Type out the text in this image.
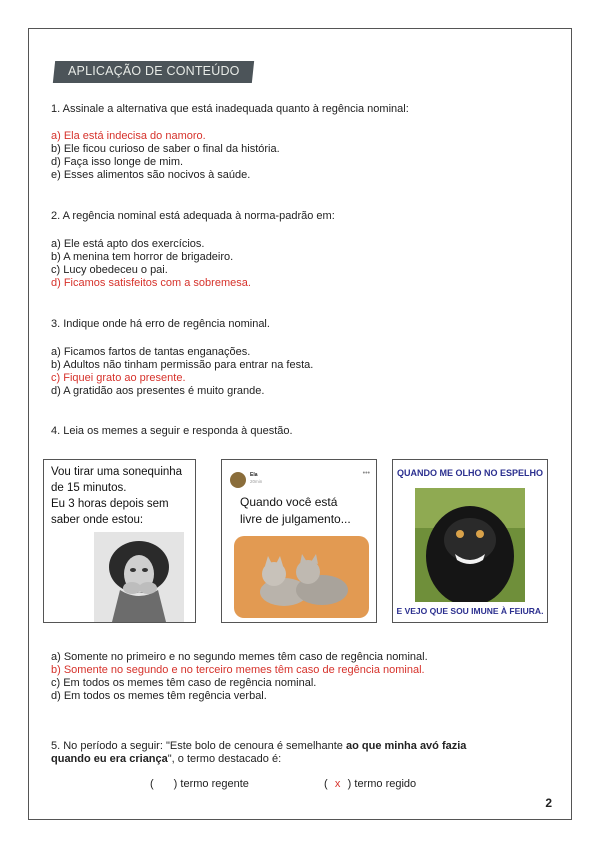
APLICAÇÃO DE CONTEÚDO
1. Assinale a alternativa que está inadequada quanto à regência nominal:
a) Ela está indecisa do namoro.
b) Ele ficou curioso de saber o final da história.
d) Faça isso longe de mim.
e) Esses alimentos são nocivos à saúde.
2. A regência nominal está adequada à norma-padrão em:
a) Ele está apto dos exercícios.
b) A menina tem horror de brigadeiro.
c) Lucy obedeceu o pai.
d) Ficamos satisfeitos com a sobremesa.
3. Indique onde há erro de regência nominal.
a) Ficamos fartos de tantas enganações.
b) Adultos não tinham permissão para entrar na festa.
c) Fiquei grato ao presente.
d) A gratidão aos presentes é muito grande.
4. Leia os memes a seguir e responda à questão.
Vou tirar uma sonequinha
de 15 minutos.
Eu 3 horas depois sem
saber onde estou:
Ela
20min
•••
Quando você está
livre de julgamento...
QUANDO ME OLHO NO ESPELHO
E VEJO QUE SOU IMUNE À FEIURA.
a) Somente no primeiro e no segundo memes têm caso de regência nominal.
b) Somente no segundo e no terceiro memes têm caso de regência nominal.
c) Em todos os memes têm caso de regência nominal.
d) Em todos os memes têm regência verbal.
5. No período a seguir: "Este bolo de cenoura é semelhante ao que minha avó fazia
quando eu era criança", o termo destacado é:
( ) termo regente	( x ) termo regido
2
